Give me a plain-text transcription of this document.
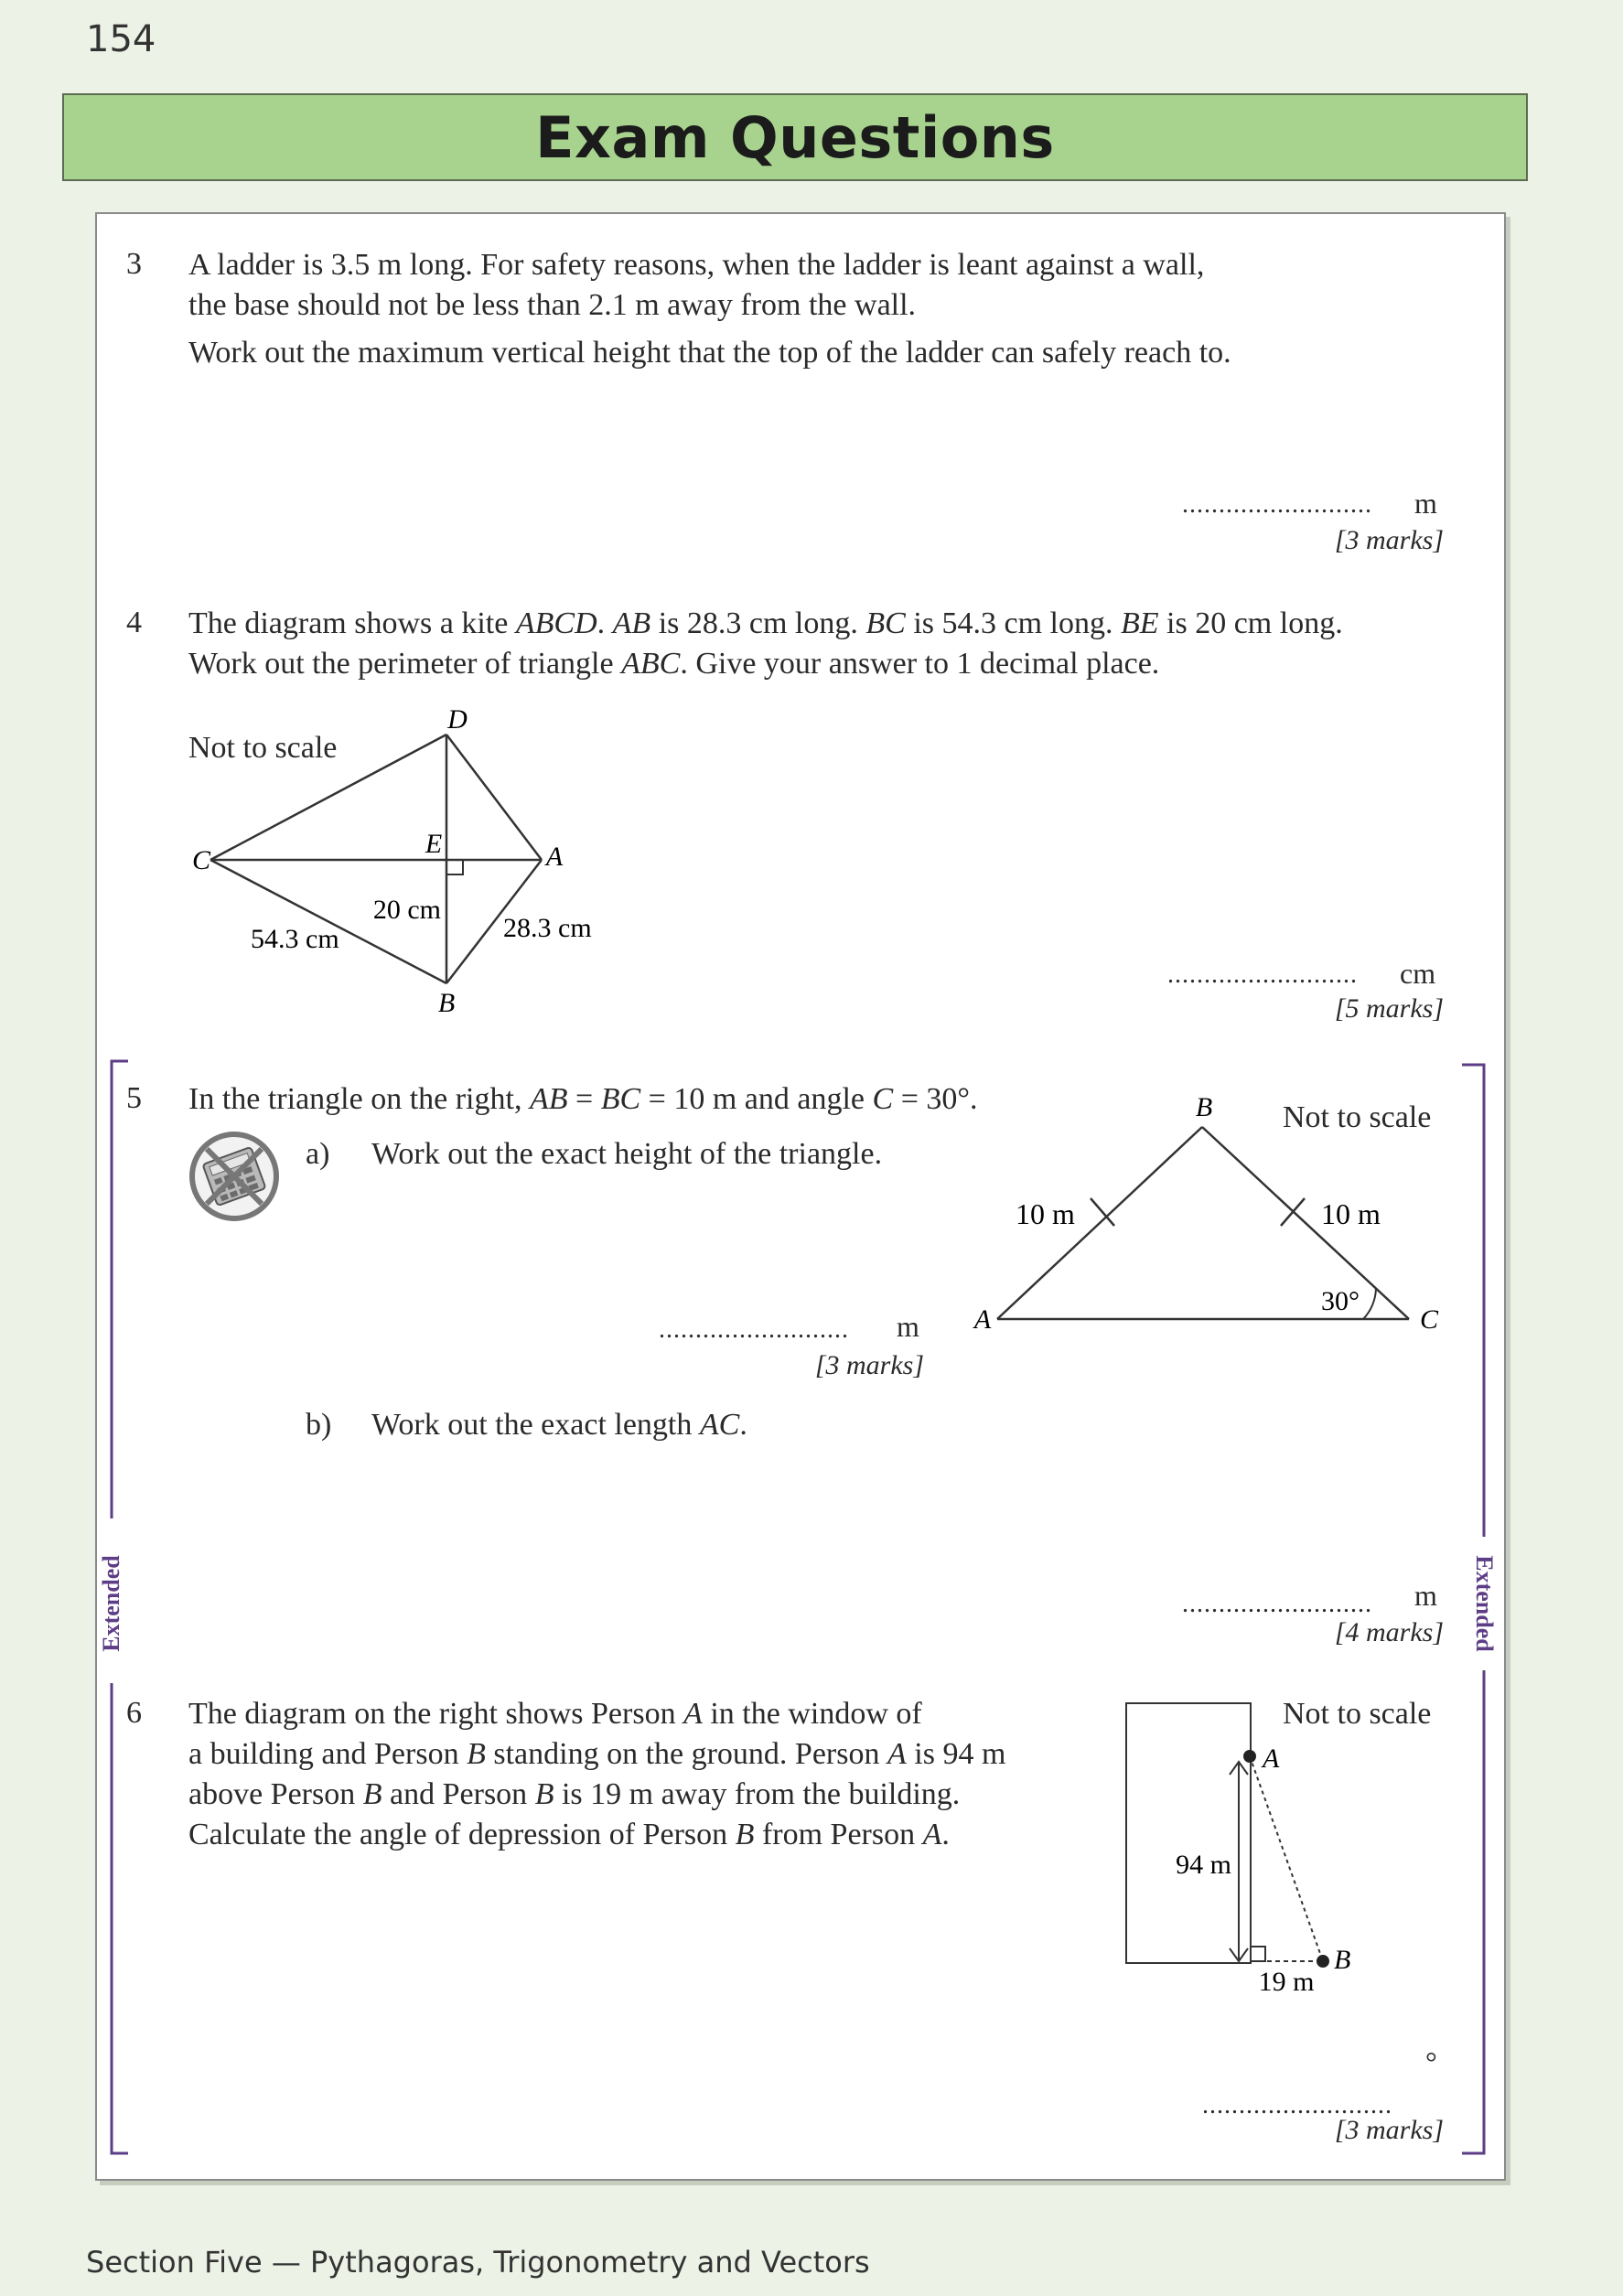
154
Exam Questions
3 A ladder is 3.5 m long. For safety reasons, when the ladder is leant against a wall,
the base should not be less than 2.1 m away from the wall.
Work out the maximum vertical height that the top of the ladder can safely reach to.
.......................... m
[3 marks]
4 The diagram shows a kite ABCD. AB is 28.3 cm long. BC is 54.3 cm long. BE is 20 cm long.
Work out the perimeter of triangle ABC. Give your answer to 1 decimal place.
Not to scale
D
C
E	A
B
20 cm
54.3 cm	28.3 cm
.......................... cm
[5 marks]
Extended	Extended
5 In the triangle on the right, AB = BC = 10 m and angle C = 30°.
a) Work out the exact height of the triangle.
.......................... m
[3 marks]
b) Work out the exact length AC.
.......................... m
[4 marks]
Not to scale
B
A	C
10 m	10 m
30°
6 The diagram on the right shows Person A in the window of
a building and Person B standing on the ground. Person A is 94 m
above Person B and Person B is 19 m away from the building.
Calculate the angle of depression of Person B from Person A.
Not to scale
A
B
94 m
19 m
°
..........................
[3 marks]
Section Five — Pythagoras, Trigonometry and Vectors
